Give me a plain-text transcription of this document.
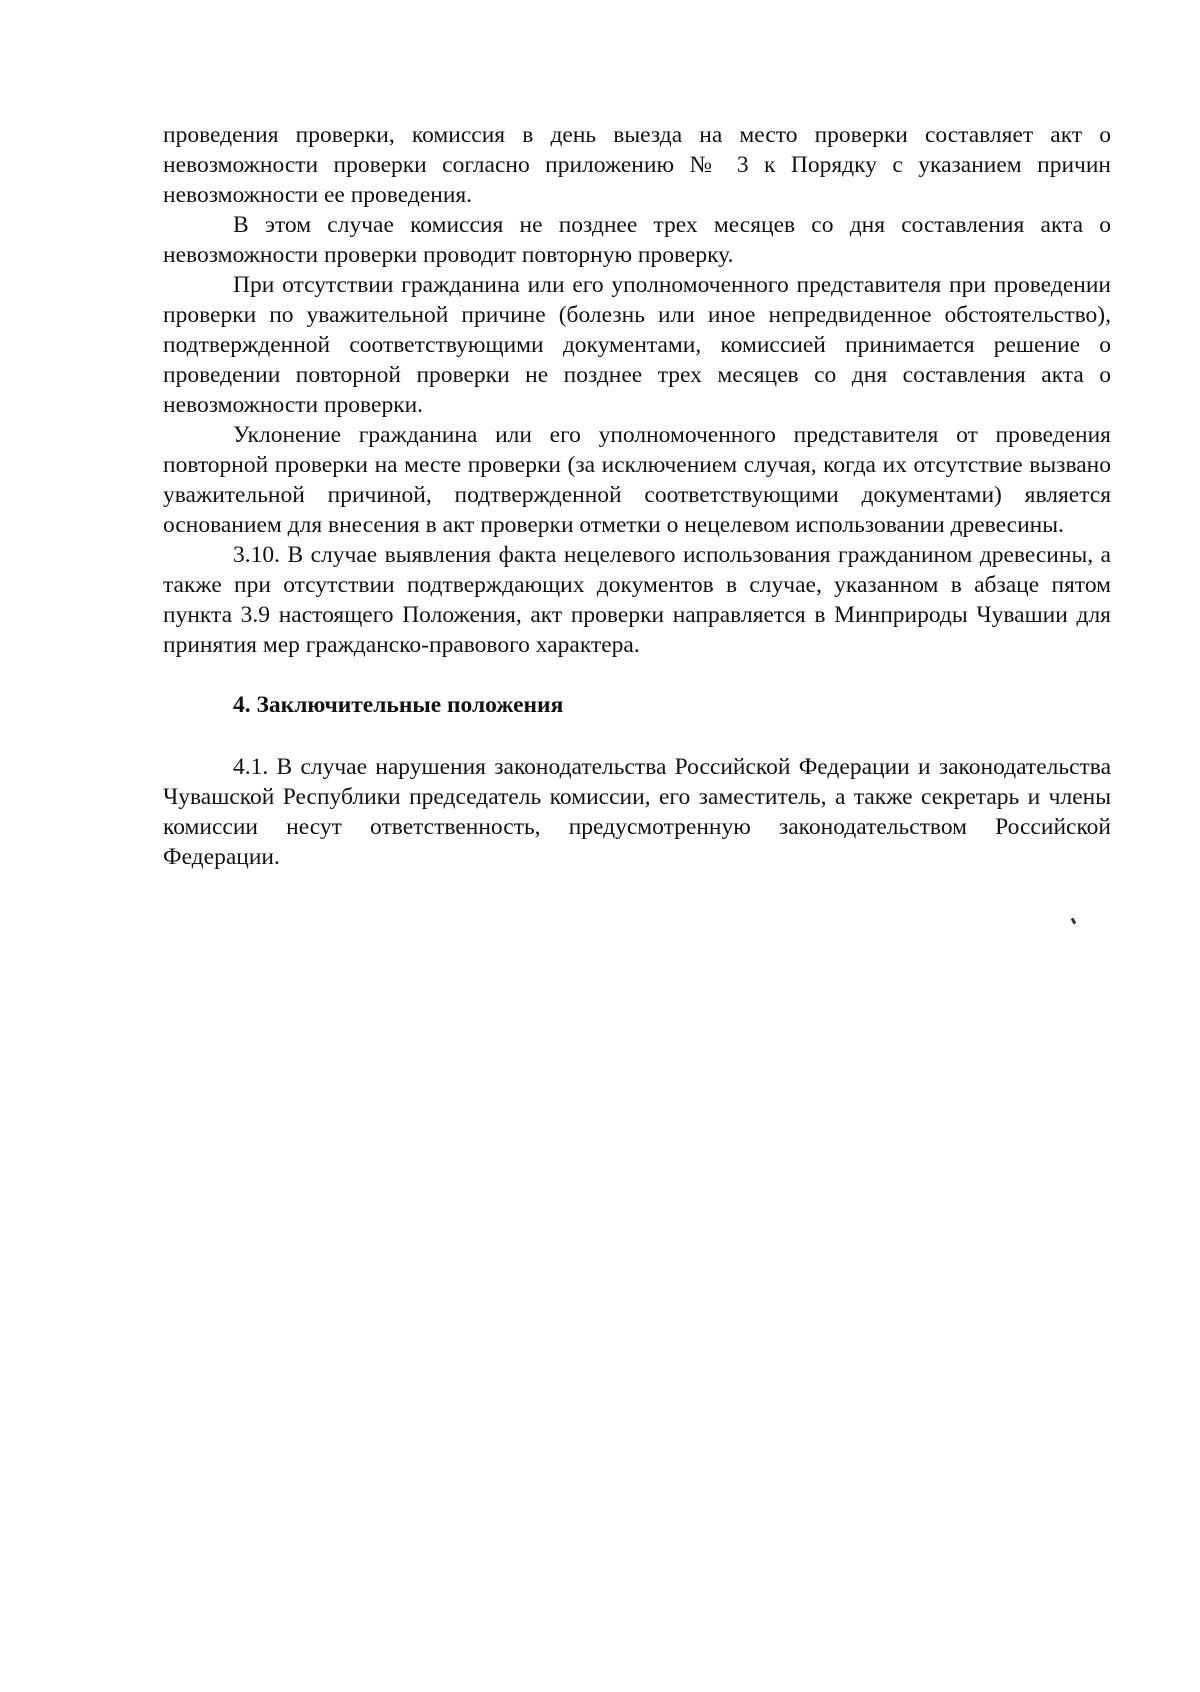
проведения проверки, комиссия в день выезда на место проверки составляет акт о невозможности проверки согласно приложению № 3 к Порядку с указанием причин невозможности ее проведения.

В этом случае комиссия не позднее трех месяцев со дня составления акта о невозможности проверки проводит повторную проверку.

При отсутствии гражданина или его уполномоченного представителя при проведении проверки по уважительной причине (болезнь или иное непредвиденное обстоятельство), подтвержденной соответствующими документами, комиссией принимается решение о проведении повторной проверки не позднее трех месяцев со дня составления акта о невозможности проверки.

Уклонение гражданина или его уполномоченного представителя от проведения повторной проверки на месте проверки (за исключением случая, когда их отсутствие вызвано уважительной причиной, подтвержденной соответствующими документами) является основанием для внесения в акт проверки отметки о нецелевом использовании древесины.

3.10. В случае выявления факта нецелевого использования гражданином древесины, а также при отсутствии подтверждающих документов в случае, указанном в абзаце пятом пункта 3.9 настоящего Положения, акт проверки направляется в Минприроды Чувашии для принятия мер гражданско-правового характера.

4. Заключительные положения

4.1. В случае нарушения законодательства Российской Федерации и законодательства Чувашской Республики председатель комиссии, его заместитель, а также секретарь и члены комиссии несут ответственность, предусмотренную законодательством Российской Федерации.
